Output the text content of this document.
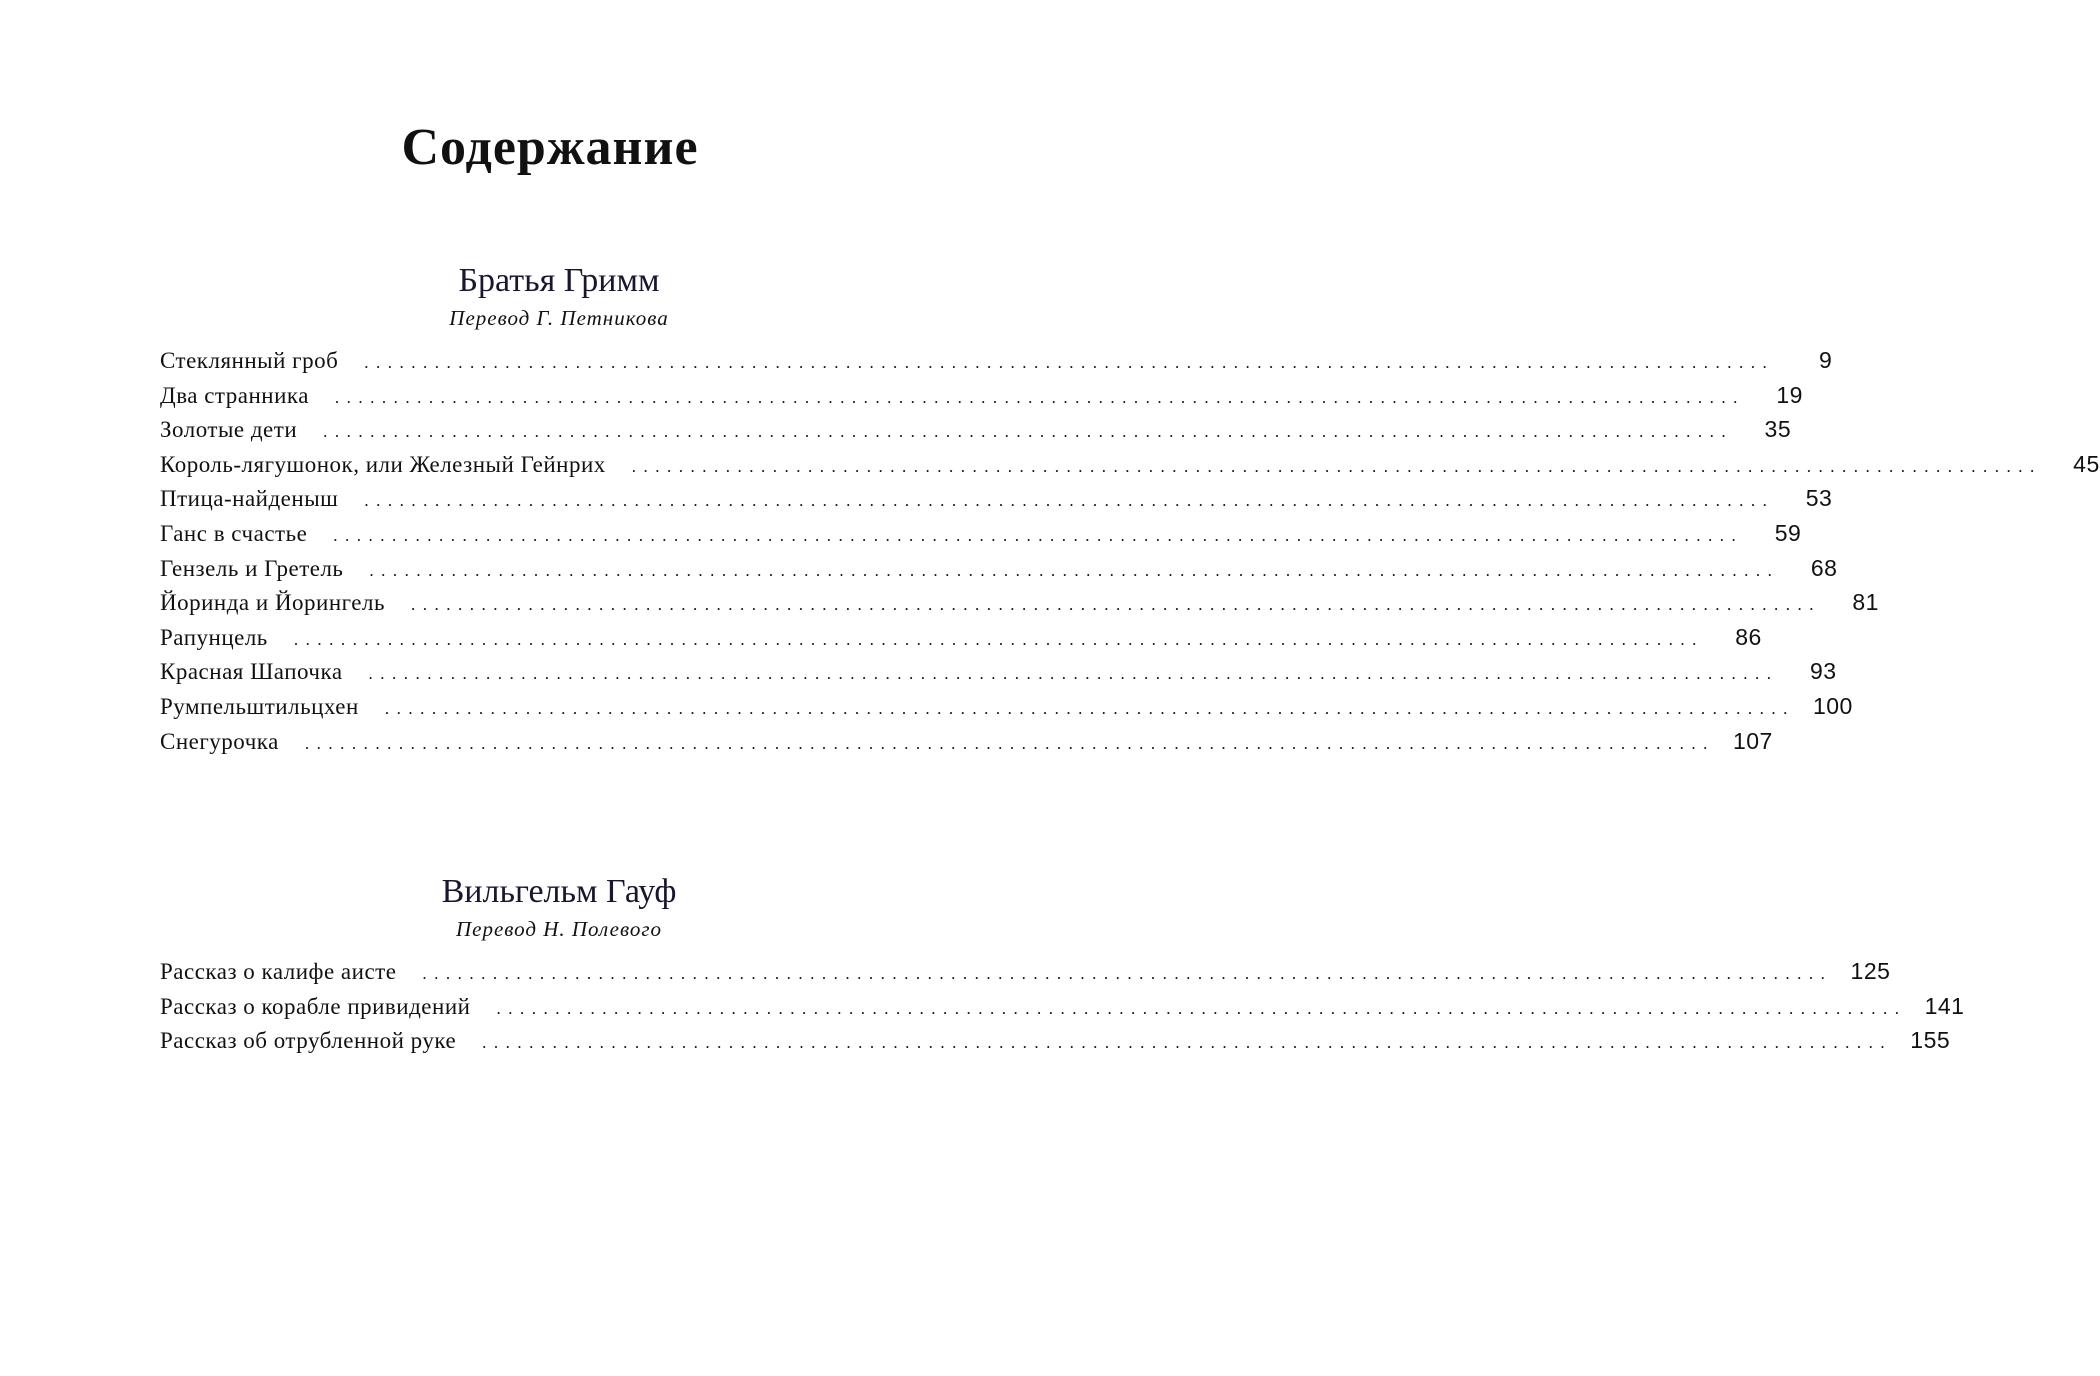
Содержание
Братья Гримм
Перевод Г. Петникова
Стеклянный гроб ........................................................................................................................	9
Два странника ........................................................................................................................	19
Золотые дети ........................................................................................................................	35
Король-лягушонок, или Железный Гейнрих ........................................................................................................................	45
Птица-найденыш ........................................................................................................................	53
Ганс в счастье ........................................................................................................................	59
Гензель и Гретель ........................................................................................................................	68
Йоринда и Йорингель ........................................................................................................................	81
Рапунцель ........................................................................................................................	86
Красная Шапочка ........................................................................................................................	93
Румпельштильцхен ........................................................................................................................ 100
Снегурочка ........................................................................................................................ 107
Вильгельм Гауф
Перевод Н. Полевого
Рассказ о калифе аисте ........................................................................................................................ 125
Рассказ о корабле привидений ........................................................................................................................ 141
Рассказ об отрубленной руке ........................................................................................................................ 155
